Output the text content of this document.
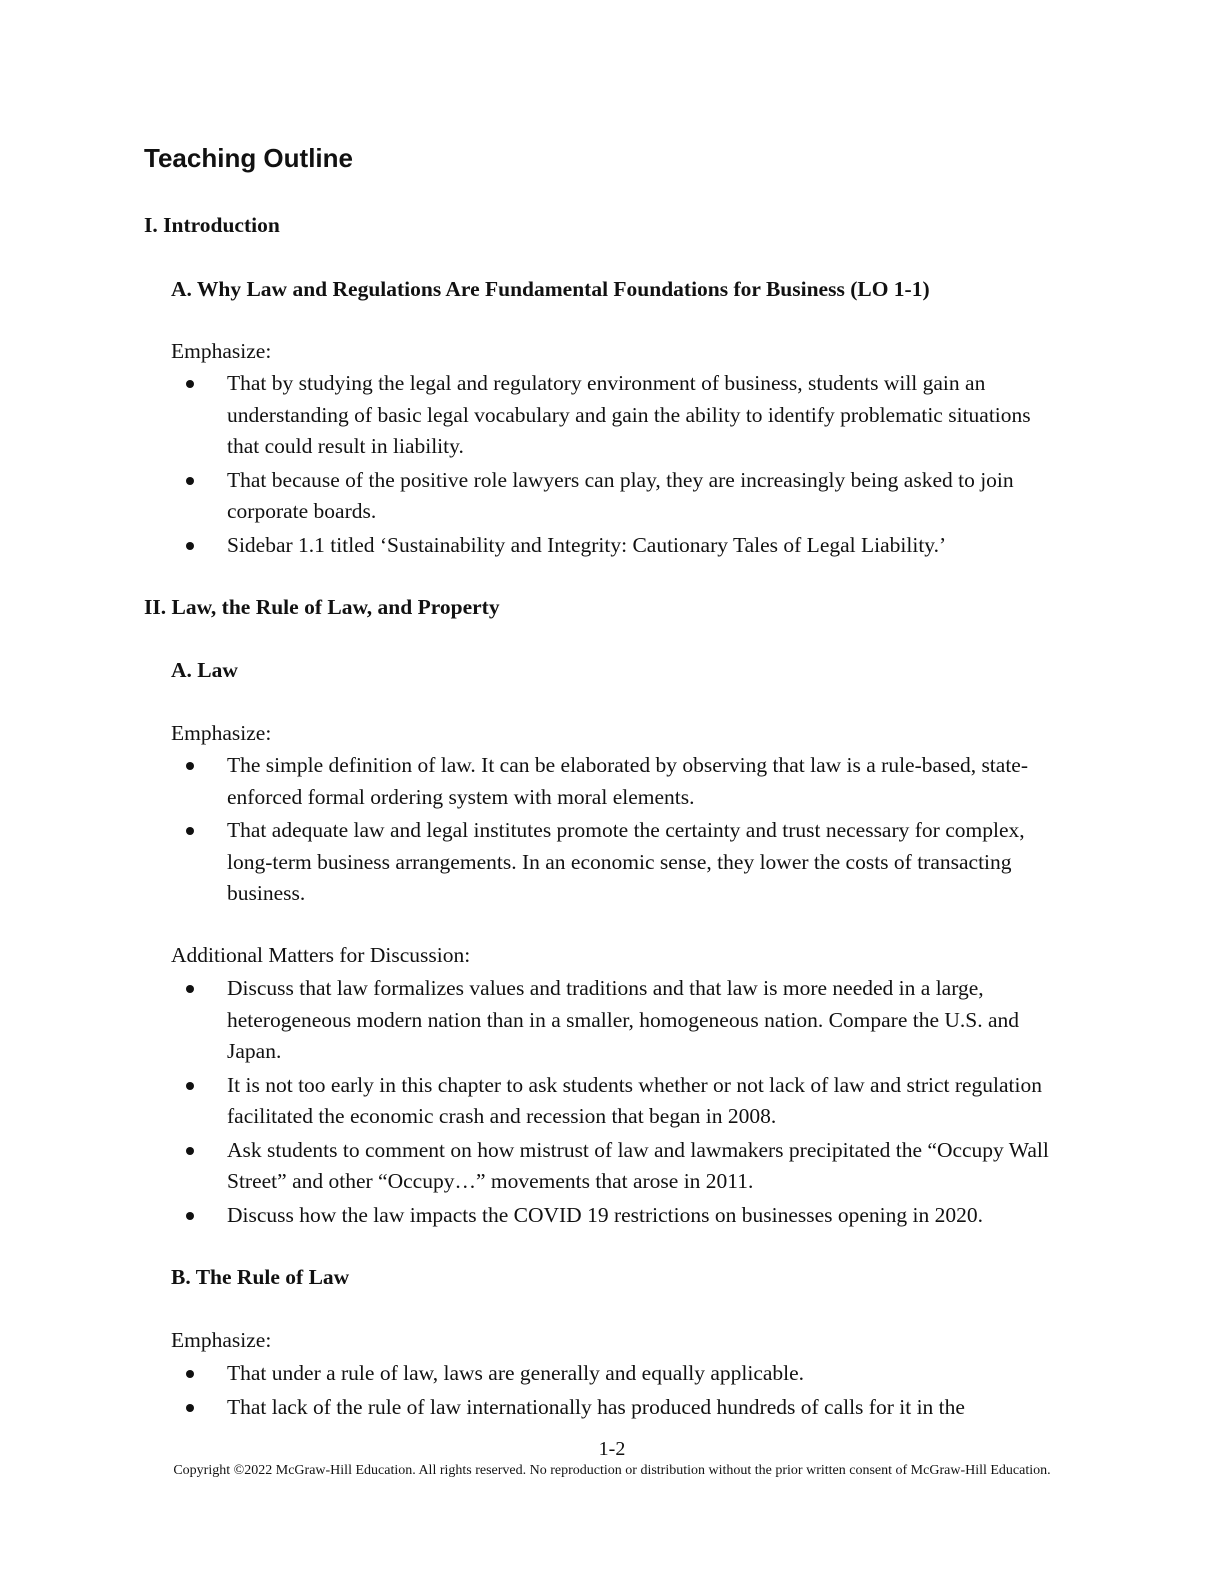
Teaching Outline
I. Introduction
A. Why Law and Regulations Are Fundamental Foundations for Business (LO 1-1)

Emphasize:

That by studying the legal and regulatory environment of business, students will gain an understanding of basic legal vocabulary and gain the ability to identify problematic situations that could result in liability.
That because of the positive role lawyers can play, they are increasingly being asked to join corporate boards.
Sidebar 1.1 titled ‘Sustainability and Integrity: Cautionary Tales of Legal Liability.’
II. Law, the Rule of Law, and Property
A. Law

Emphasize:

The simple definition of law. It can be elaborated by observing that law is a rule-based, state-enforced formal ordering system with moral elements.
That adequate law and legal institutes promote the certainty and trust necessary for complex, long-term business arrangements. In an economic sense, they lower the costs of transacting business.

Additional Matters for Discussion:

Discuss that law formalizes values and traditions and that law is more needed in a large, heterogeneous modern nation than in a smaller, homogeneous nation. Compare the U.S. and Japan.
It is not too early in this chapter to ask students whether or not lack of law and strict regulation facilitated the economic crash and recession that began in 2008.
Ask students to comment on how mistrust of law and lawmakers precipitated the “Occupy Wall Street” and other “Occupy…” movements that arose in 2011.
Discuss how the law impacts the COVID 19 restrictions on businesses opening in 2020.
B. The Rule of Law

Emphasize:

That under a rule of law, laws are generally and equally applicable.
That lack of the rule of law internationally has produced hundreds of calls for it in the
1-2
Copyright ©2022 McGraw-Hill Education. All rights reserved. No reproduction or distribution without the prior written consent of McGraw-Hill Education.
